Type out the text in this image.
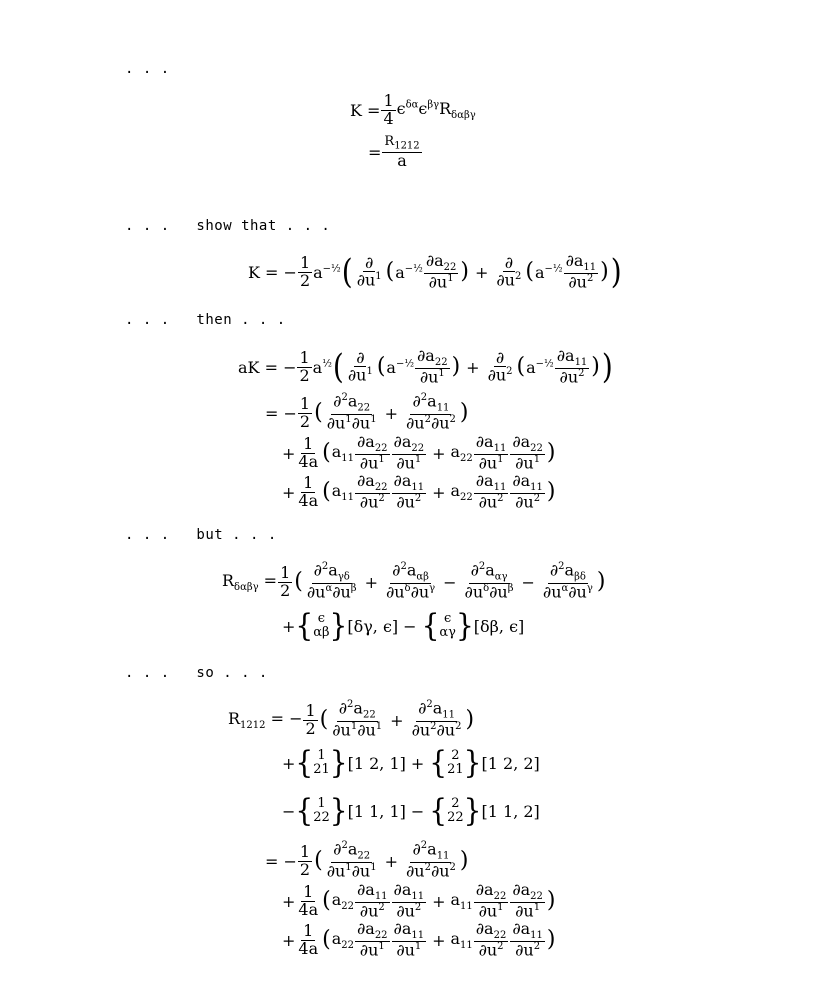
. . .
. . .   show that . . .
. . .   then . . .
. . .   but . . .
. . .   so . . .
$K = \frac{1}{4} \epsilon^{\delta\alpha}\epsilon^{\beta\gamma}R_{\delta\alpha\beta\gamma}$
= $\frac{R_{1212}}{a}$
K = − $\frac{1}{2} a^{-\frac{1}{2}}$ ( $\frac{\partial}{\partial u^1}$ ( $a^{-\frac{1}{2}} \frac{\partial a_{22}}{\partial u^1}$ ) + $\frac{\partial}{\partial u^2}$ ( $a^{-\frac{1}{2}} \frac{\partial a_{11}}{\partial u^2}$ ) )
aK = − $\frac{1}{2} a^{\frac{1}{2}}$ ( $\frac{\partial}{\partial u^1}$ ( $a^{-\frac{1}{2}} \frac{\partial a_{22}}{\partial u^1}$ ) + $\frac{\partial}{\partial u^2}$ ( $a^{-\frac{1}{2}} \frac{\partial a_{11}}{\partial u^2}$ ) )
= − $\frac{1}{2}$ ( $\frac{\partial^2a_{22}}{\partial u^1\partial u^1} + \frac{\partial^2a_{11}}{\partial u^2\partial u^2}$ )
+ $\frac{1}{4a}$ ( $a_{11} \frac{\partial a_{22}}{\partial u^1} \frac{\partial a_{22}}{\partial u^1} + a_{22} \frac{\partial a_{11}}{\partial u^1} \frac{\partial a_{22}}{\partial u^1}$ )
+ $\frac{1}{4a}$ ( $a_{11} \frac{\partial a_{22}}{\partial u^2} \frac{\partial a_{11}}{\partial u^2} + a_{22} \frac{\partial a_{11}}{\partial u^2} \frac{\partial a_{11}}{\partial u^2}$ )
$R_{\delta\alpha\beta\gamma} = \frac{1}{2}$ ( $\frac{\partial^2a_{\gamma\delta}}{\partial u^\alpha\partial u^\beta} + \frac{\partial^2a_{\alpha\beta}}{\partial u^\delta\partial u^\gamma} - \frac{\partial^2a_{\alpha\gamma}}{\partial u^\delta\partial u^\beta} - \frac{\partial^2a_{\beta\delta}}{\partial u^\alpha\partial u^\gamma}$ )
+ { ϵ
αβ } [δγ, ϵ] − { ϵ
αγ } [δβ, ϵ]
$R_{1212}$ = − $\frac{1}{2}$ ( $\frac{\partial^2a_{22}}{\partial u^1\partial u^1} + \frac{\partial^2a_{11}}{\partial u^2\partial u^2}$ )
+ { 1
21 } [1 2, 1] + { 2
21 } [1 2, 2]
− { 1
22 } [1 1, 1] − { 2
22 } [1 1, 2]
= − $\frac{1}{2}$ ( $\frac{\partial^2a_{22}}{\partial u^1\partial u^1} + \frac{\partial^2a_{11}}{\partial u^2\partial u^2}$ )
+ $\frac{1}{4a}$ ( $a_{22} \frac{\partial a_{11}}{\partial u^2} \frac{\partial a_{11}}{\partial u^2} + a_{11} \frac{\partial a_{22}}{\partial u^1} \frac{\partial a_{22}}{\partial u^1}$ )
+ $\frac{1}{4a}$ ( $a_{22} \frac{\partial a_{22}}{\partial u^1} \frac{\partial a_{11}}{\partial u^1} + a_{11} \frac{\partial a_{22}}{\partial u^2} \frac{\partial a_{11}}{\partial u^2}$ )
